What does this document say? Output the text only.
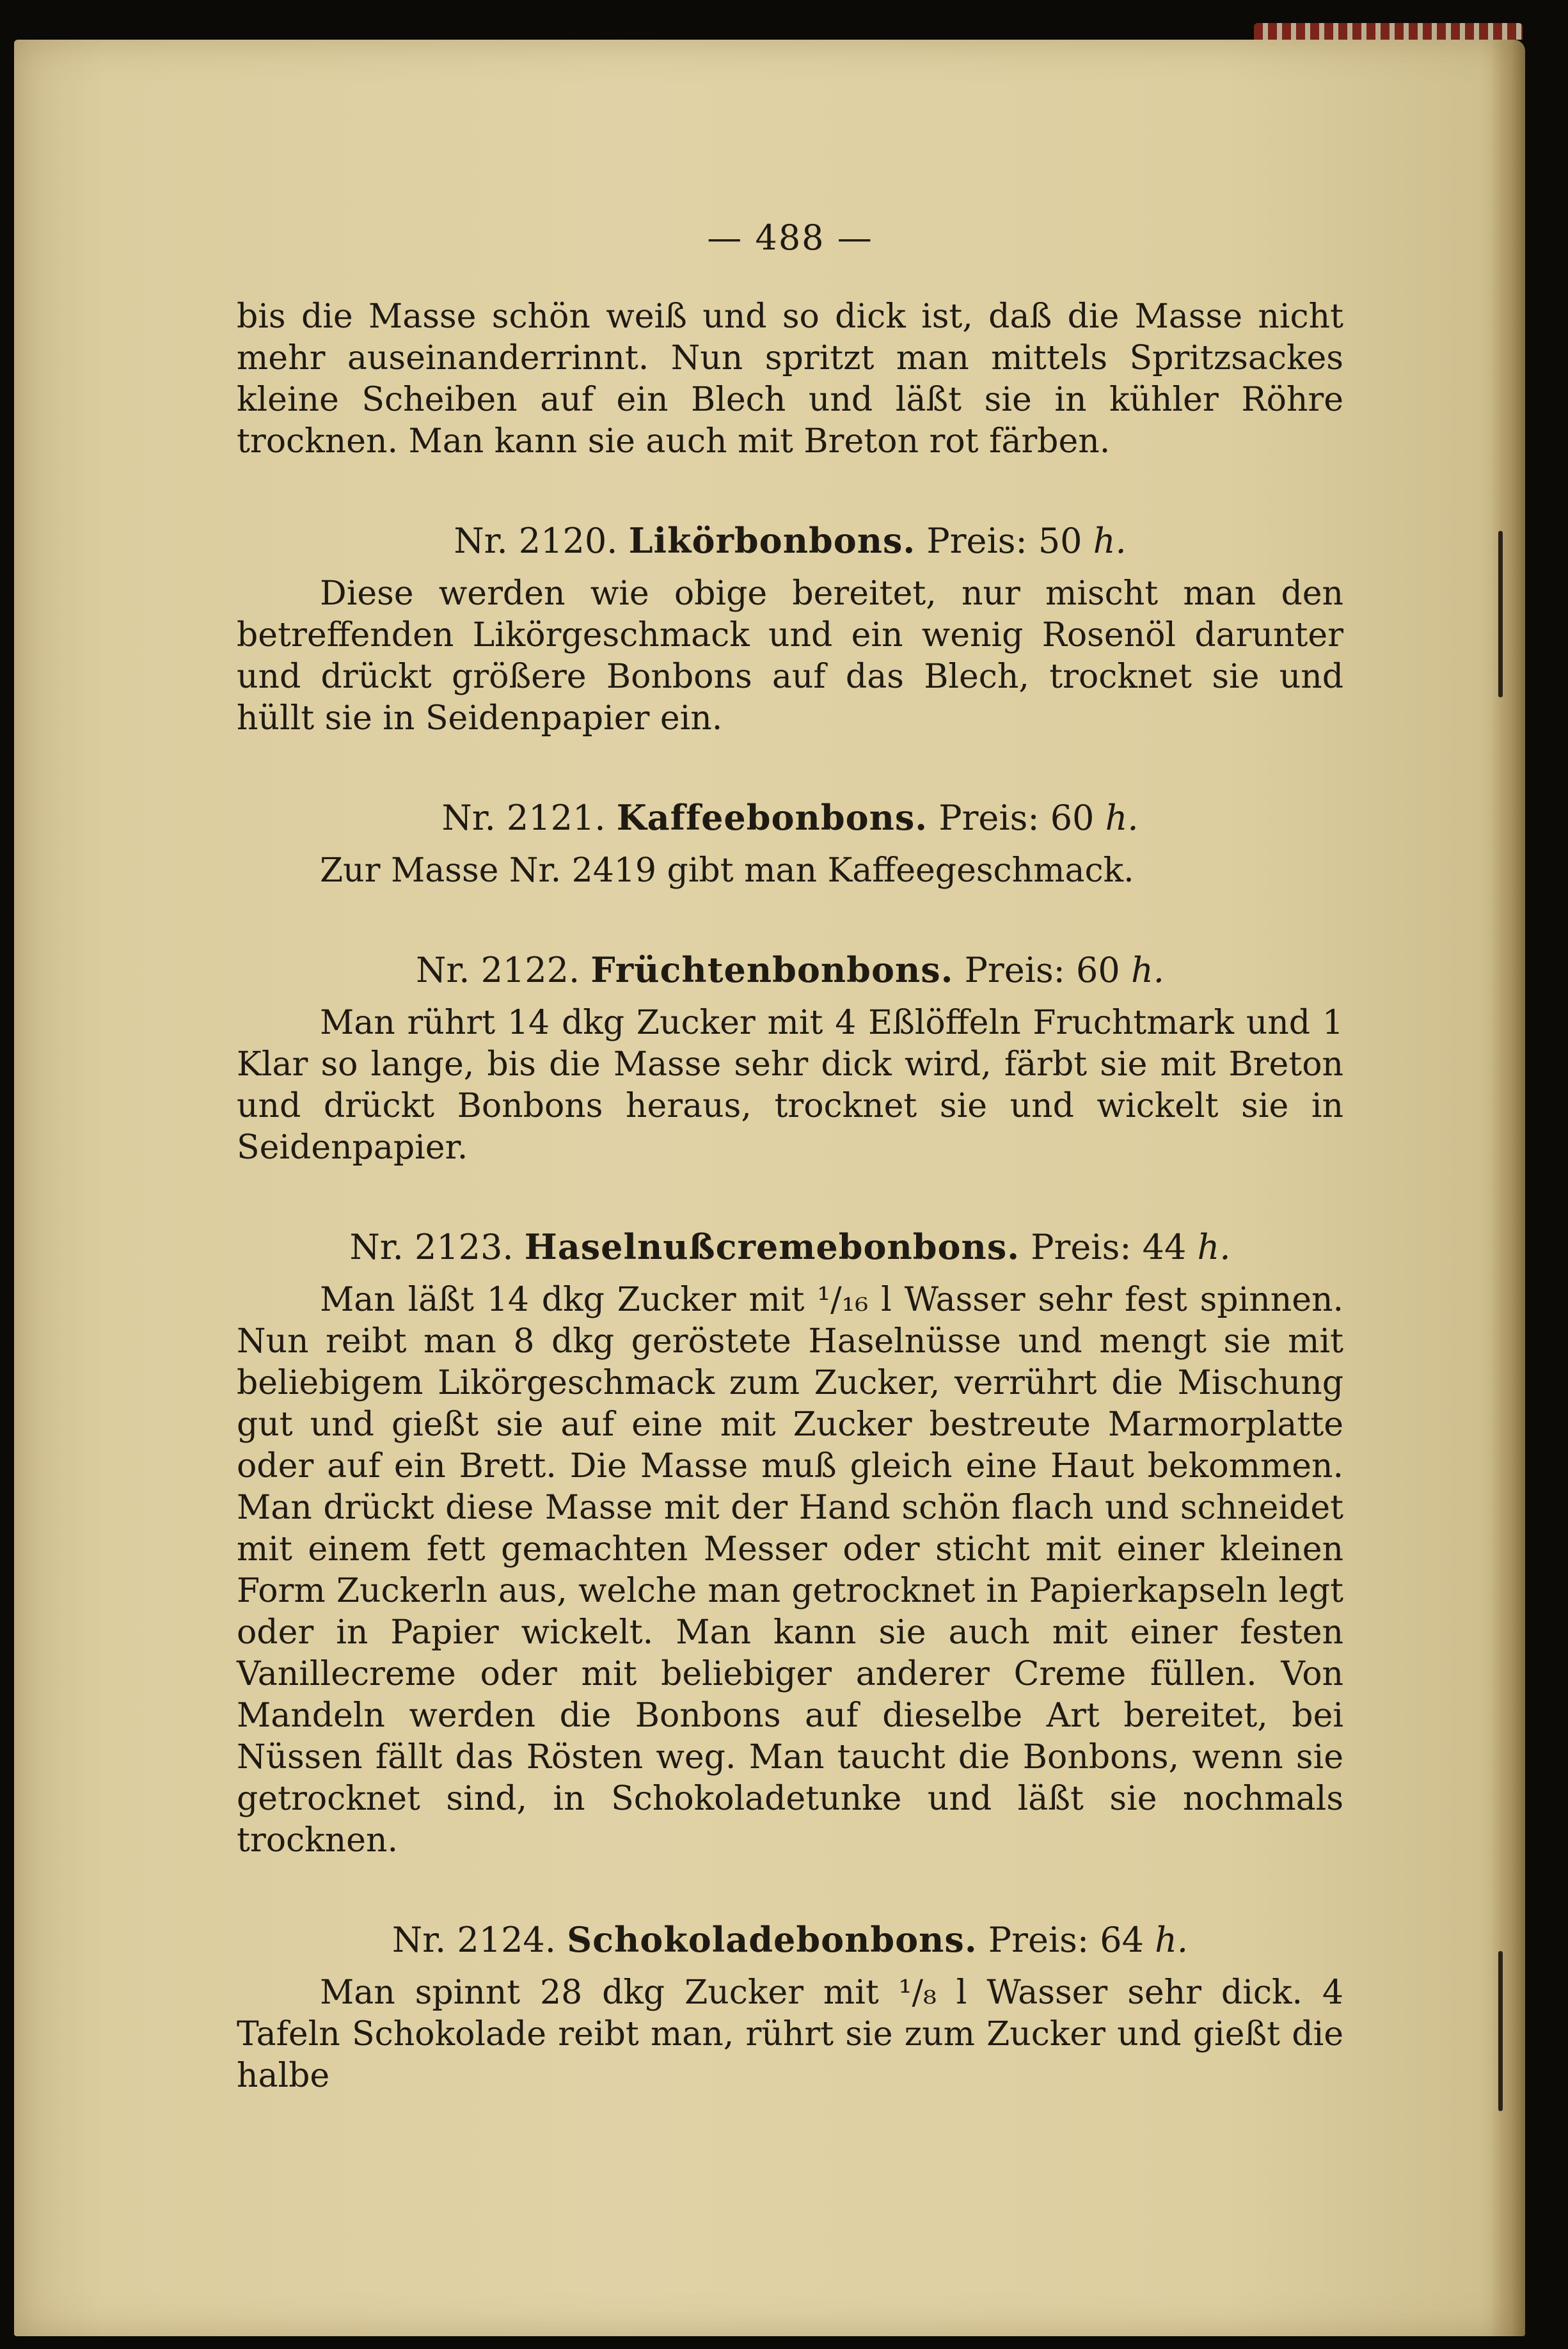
— 488 —
bis die Masse schön weiß und so dick ist, daß die Masse nicht mehr auseinanderrinnt. Nun spritzt man mittels Spritzsackes kleine Scheiben auf ein Blech und läßt sie in kühler Röhre trocknen. Man kann sie auch mit Breton rot färben.
Nr. 2120. Likörbonbons. Preis: 50 h.
Diese werden wie obige bereitet, nur mischt man den betreffenden Likörgeschmack und ein wenig Rosenöl darunter und drückt größere Bonbons auf das Blech, trocknet sie und hüllt sie in Seidenpapier ein.
Nr. 2121. Kaffeebonbons. Preis: 60 h.
Zur Masse Nr. 2419 gibt man Kaffeegeschmack.
Nr. 2122. Früchtenbonbons. Preis: 60 h.
Man rührt 14 dkg Zucker mit 4 Eßlöffeln Fruchtmark und 1 Klar so lange, bis die Masse sehr dick wird, färbt sie mit Breton und drückt Bonbons heraus, trocknet sie und wickelt sie in Seidenpapier.
Nr. 2123. Haselnußcremebonbons. Preis: 44 h.
Man läßt 14 dkg Zucker mit ¹/₁₆ l Wasser sehr fest spinnen. Nun reibt man 8 dkg geröstete Haselnüsse und mengt sie mit beliebigem Likörgeschmack zum Zucker, verrührt die Mischung gut und gießt sie auf eine mit Zucker bestreute Marmorplatte oder auf ein Brett. Die Masse muß gleich eine Haut bekommen. Man drückt diese Masse mit der Hand schön flach und schneidet mit einem fett gemachten Messer oder sticht mit einer kleinen Form Zuckerln aus, welche man getrocknet in Papierkapseln legt oder in Papier wickelt. Man kann sie auch mit einer festen Vanillecreme oder mit beliebiger anderer Creme füllen. Von Mandeln werden die Bonbons auf dieselbe Art bereitet, bei Nüssen fällt das Rösten weg. Man taucht die Bonbons, wenn sie getrocknet sind, in Schokoladetunke und läßt sie nochmals trocknen.
Nr. 2124. Schokoladebonbons. Preis: 64 h.
Man spinnt 28 dkg Zucker mit ¹/₈ l Wasser sehr dick. 4 Tafeln Schokolade reibt man, rührt sie zum Zucker und gießt die halbe
